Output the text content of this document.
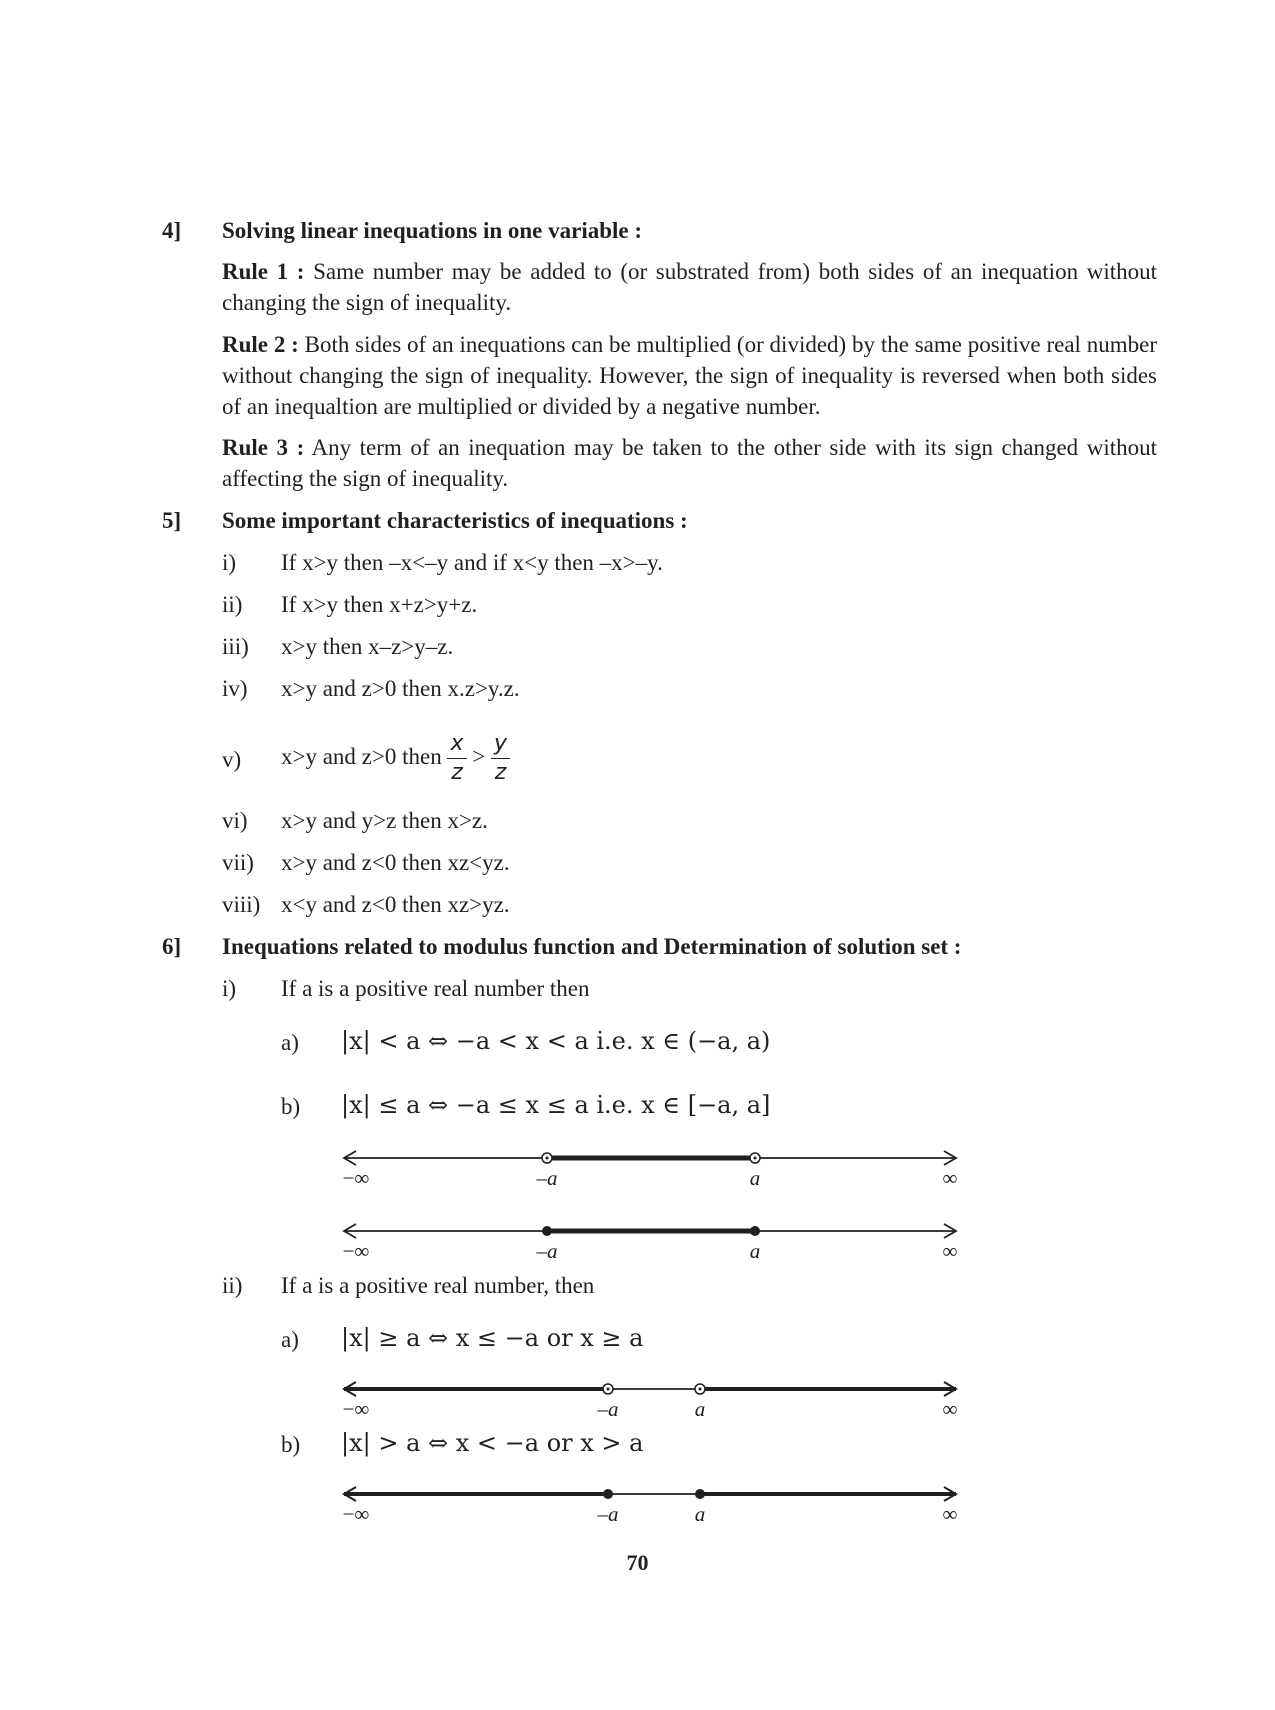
4] Solving linear inequations in one variable :
Rule 1 : Same number may be added to (or substrated from) both sides of an inequation without changing the sign of inequality.
Rule 2 : Both sides of an inequations can be multiplied (or divided) by the same positive real number without changing the sign of inequality. However, the sign of inequality is reversed when both sides of an inequaltion are multiplied or divided by a negative number.
Rule 3 : Any term of an inequation may be taken to the other side with its sign changed without affecting the sign of inequality.
5] Some important characteristics of inequations :
i) If x>y then –x<–y and if x<y then –x>–y.
ii) If x>y then x+z>y+z.
iii) x>y then x–z>y–z.
iv) x>y and z>0 then x.z>y.z.
v) x>y and z>0 then $\frac{x}{z} > \frac{y}{z}$
vi) x>y and y>z then x>z.
vii) x>y and z<0 then xz<yz.
viii) x<y and z<0 then xz>yz.
6] Inequations related to modulus function and Determination of solution set :
i) If a is a positive real number then
a) |x| < a ⇔ −a < x < a i.e. x ∈ (−a, a)
b) |x| ≤ a ⇔ −a ≤ x ≤ a i.e. x ∈ [−a, a]
−∞	–a	a	∞
−∞	–a	a	∞
ii) If a is a positive real number, then
a) |x| ≥ a ⇔ x ≤ −a or x ≥ a
−∞	–a	a	∞
b) |x| > a ⇔ x < −a or x > a
−∞	–a	a	∞
70
